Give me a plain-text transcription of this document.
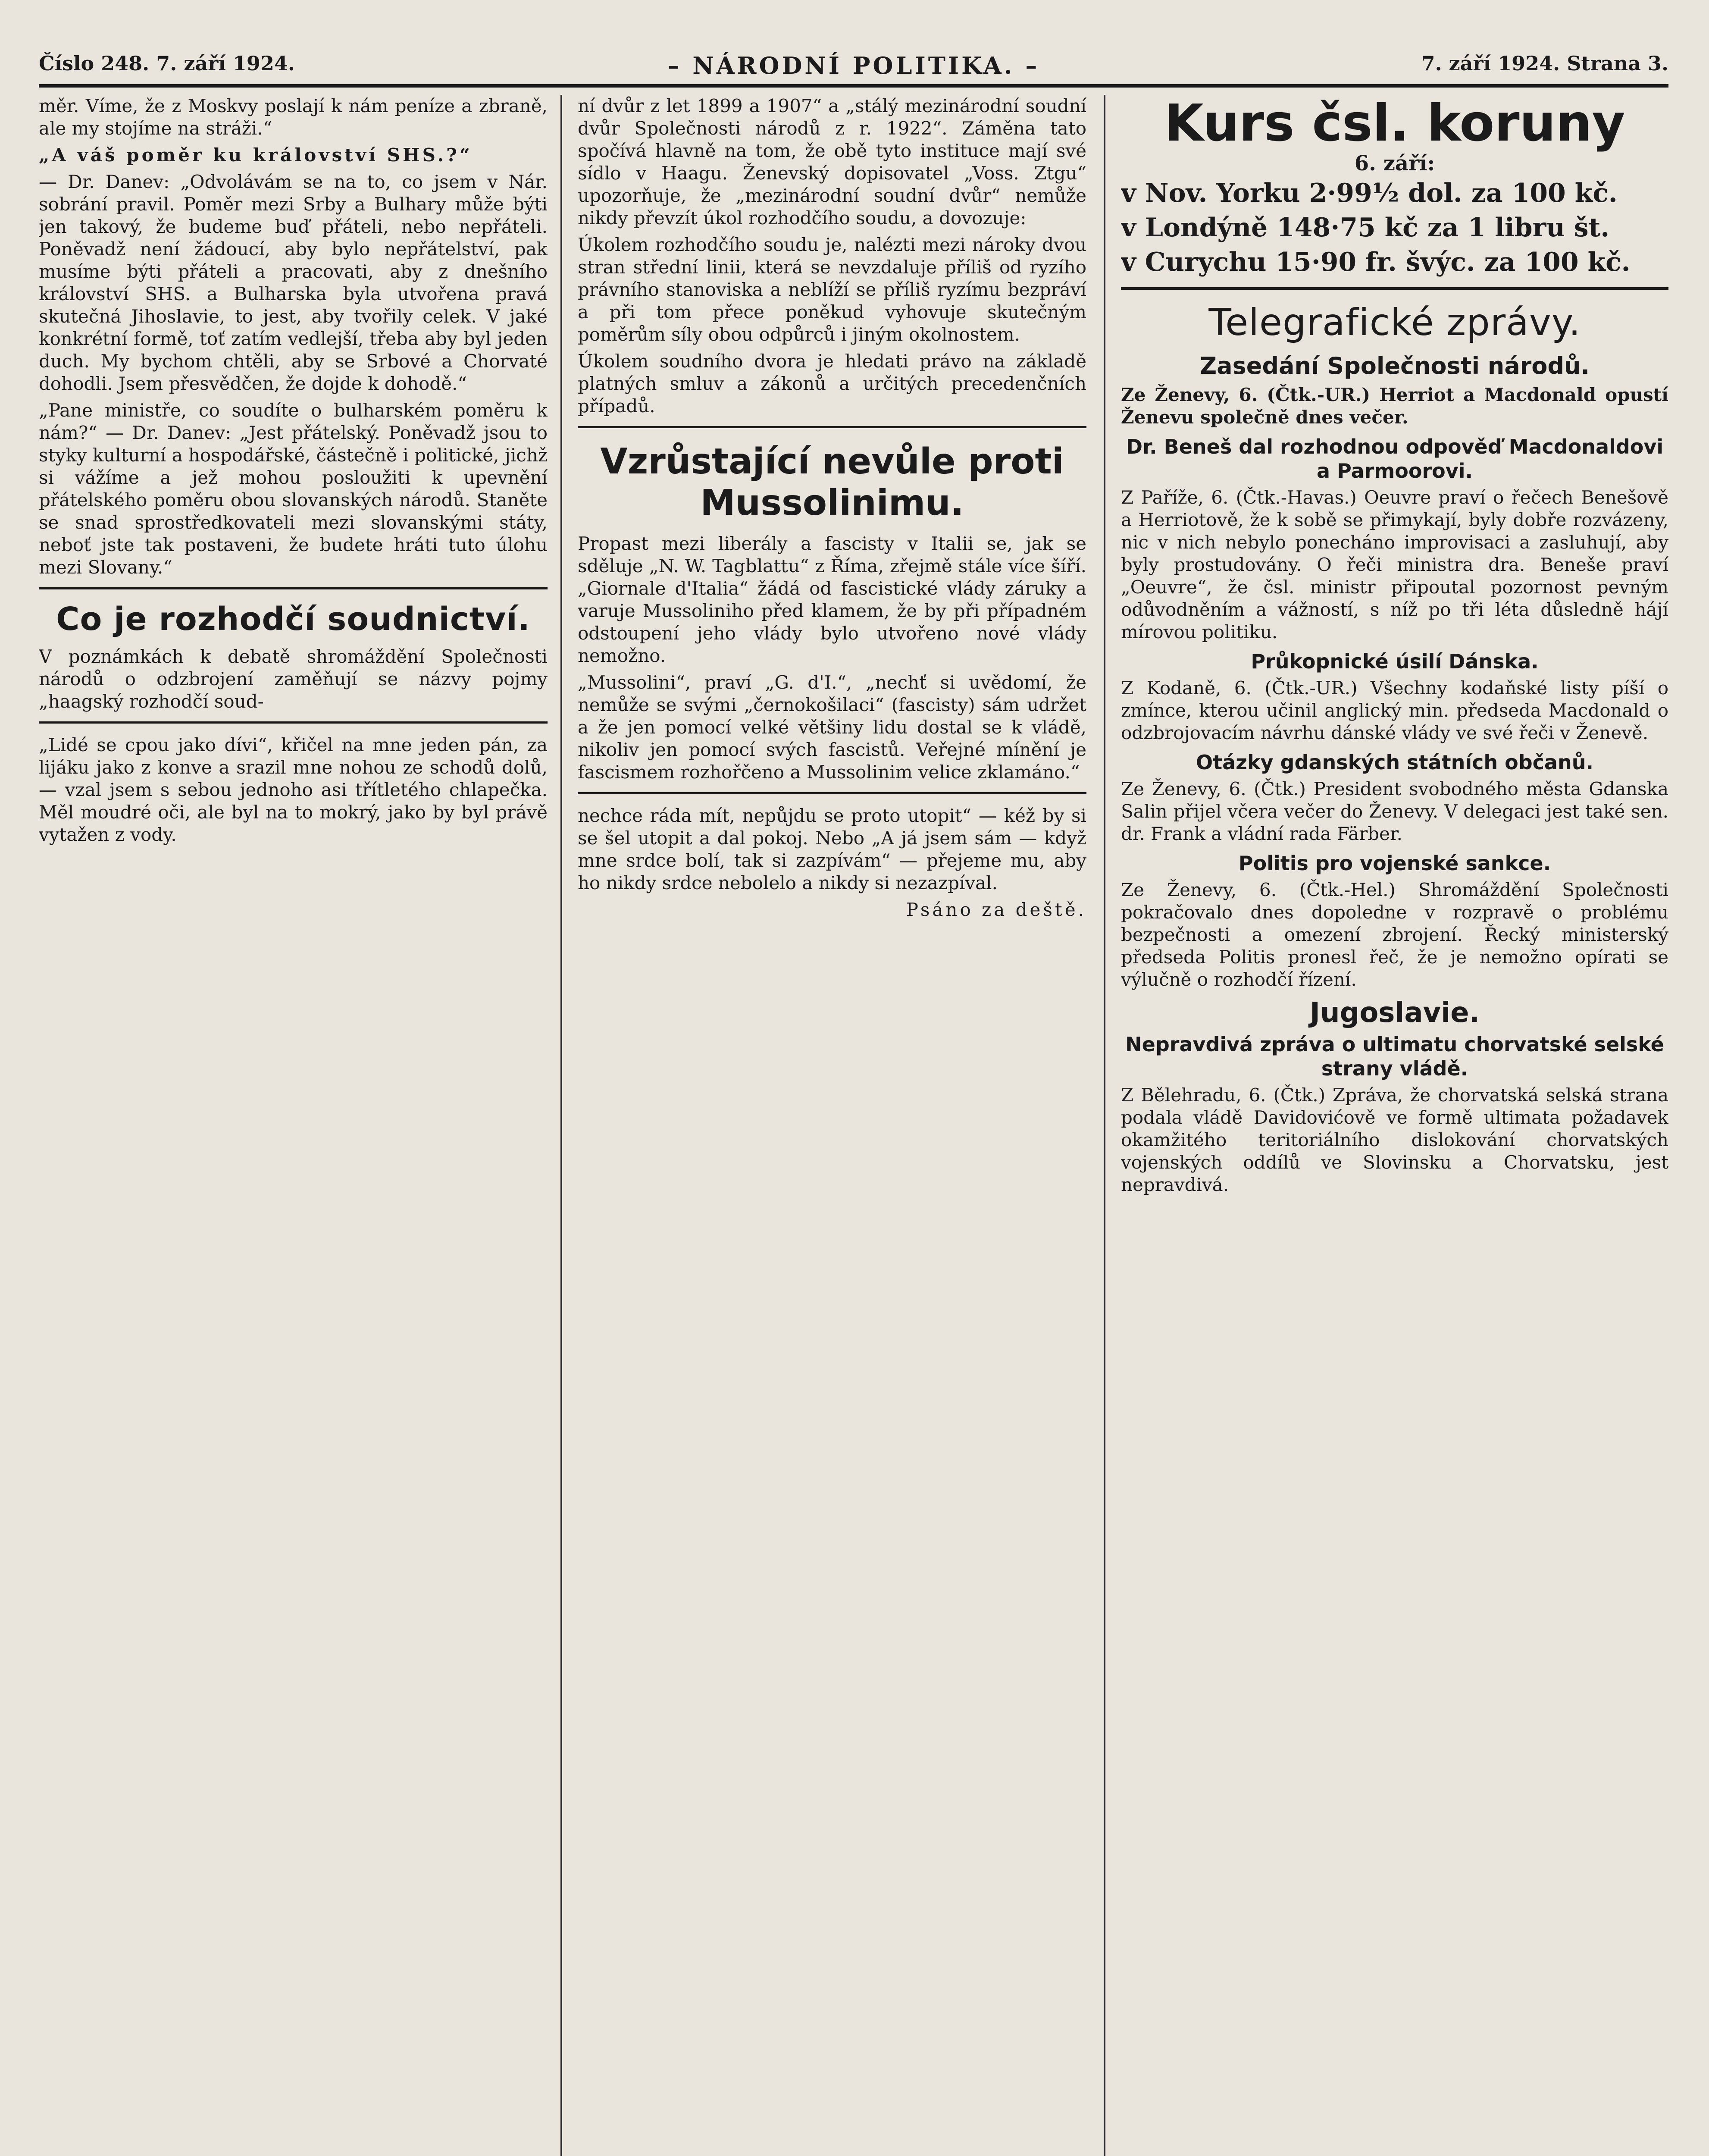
Číslo 248. 7. září 1924.	– NÁRODNÍ POLITIKA. –	7. září 1924. Strana 3.

měr. Víme, že z Moskvy poslají k nám peníze a zbraně, ale my stojíme na stráži.“

„A váš poměr ku království SHS.?“

— Dr. Danev: „Odvolávám se na to, co jsem v Nár. sobrání pravil. Poměr mezi Srby a Bulhary může býti jen takový, že budeme buď přáteli, nebo nepřáteli. Poněvadž není žádoucí, aby bylo nepřátelství, pak musíme býti přáteli a pracovati, aby z dnešního království SHS. a Bulharska byla utvořena pravá skutečná Jihoslavie, to jest, aby tvořily celek. V jaké konkrétní formě, toť zatím vedlejší, třeba aby byl jeden duch. My bychom chtěli, aby se Srbové a Chorvaté dohodli. Jsem přesvědčen, že dojde k dohodě.“

„Pane ministře, co soudíte o bulharském poměru k nám?“ — Dr. Danev: „Jest přátelský. Poněvadž jsou to styky kulturní a hospodářské, částečně i politické, jichž si vážíme a jež mohou posloužiti k upevnění přátelského poměru obou slovanských národů. Staněte se snad sprostředkovateli mezi slovanskými státy, neboť jste tak postaveni, že budete hráti tuto úlohu mezi Slovany.“

Co je rozhodčí soudnictví.

V poznámkách k debatě shromáždění Společnosti národů o odzbrojení zaměňují se názvy pojmy „haagský rozhodčí soud-

„Lidé se cpou jako dívi“, křičel na mne jeden pán, za lijáku jako z konve a srazil mne nohou ze schodů dolů, — vzal jsem s sebou jednoho asi třítletého chlapečka. Měl moudré oči, ale byl na to mokrý, jako by byl právě vytažen z vody.

ní dvůr z let 1899 a 1907“ a „stálý mezinárodní soudní dvůr Společnosti národů z r. 1922“. Záměna tato spočívá hlavně na tom, že obě tyto instituce mají své sídlo v Haagu. Ženevský dopisovatel „Voss. Ztgu“ upozorňuje, že „mezinárodní soudní dvůr“ nemůže nikdy převzít úkol rozhodčího soudu, a dovozuje:

Úkolem rozhodčího soudu je, nalézti mezi nároky dvou stran střední linii, která se nevzdaluje příliš od ryzího právního stanoviska a neblíží se příliš ryzímu bezpráví a při tom přece poněkud vyhovuje skutečným poměrům síly obou odpůrců i jiným okolnostem.

Úkolem soudního dvora je hledati právo na základě platných smluv a zákonů a určitých precedenčních případů.

Vzrůstající nevůle proti Mussolinimu.

Propast mezi liberály a fascisty v Italii se, jak se sděluje „N. W. Tagblattu“ z Říma, zřejmě stále více šíří. „Giornale d'Italia“ žádá od fascistické vlády záruky a varuje Mussoliniho před klamem, že by při případném odstoupení jeho vlády bylo utvořeno nové vlády nemožno.

„Mussolini“, praví „G. d'I.“, „nechť si uvědomí, že nemůže se svými „černokošilaci“ (fascisty) sám udržet a že jen pomocí velké většiny lidu dostal se k vládě, nikoliv jen pomocí svých fascistů. Veřejné mínění je fascismem rozhořčeno a Mussolinim velice zklamáno.“

nechce ráda mít, nepůjdu se proto utopit“ — kéž by si se šel utopit a dal pokoj. Nebo „A já jsem sám — když mne srdce bolí, tak si zazpívám“ — přejeme mu, aby ho nikdy srdce nebolelo a nikdy si nezazpíval.

Psáno za deště.

Kurs čsl. koruny
6. září:
v Nov. Yorku 2·99½ dol. za 100 kč.
v Londýně 148·75 kč za 1 libru št.
v Curychu 15·90 fr. švýc. za 100 kč.
Telegrafické zprávy.
Zasedání Společnosti národů.

Ze Ženevy, 6. (Čtk.-UR.) Herriot a Macdonald opustí Ženevu společně dnes večer.

Dr. Beneš dal rozhodnou odpověď Macdonaldovi a Parmoorovi.

Z Paříže, 6. (Čtk.-Havas.) Oeuvre praví o řečech Benešově a Herriotově, že k sobě se přimykají, byly dobře rozvázeny, nic v nich nebylo ponecháno improvisaci a zasluhují, aby byly prostudovány. O řeči ministra dra. Beneše praví „Oeuvre“, že čsl. ministr připoutal pozornost pevným odůvodněním a vážností, s níž po tři léta důsledně hájí mírovou politiku.

Průkopnické úsilí Dánska.

Z Kodaně, 6. (Čtk.-UR.) Všechny kodaňské listy píší o zmínce, kterou učinil anglický min. předseda Macdonald o odzbrojovacím návrhu dánské vlády ve své řeči v Ženevě.

Otázky gdanských státních občanů.

Ze Ženevy, 6. (Čtk.) President svobodného města Gdanska Salin přijel včera večer do Ženevy. V delegaci jest také sen. dr. Frank a vládní rada Färber.

Politis pro vojenské sankce.

Ze Ženevy, 6. (Čtk.-Hel.) Shromáždění Společnosti pokračovalo dnes dopoledne v rozpravě o problému bezpečnosti a omezení zbrojení. Řecký ministerský předseda Politis pronesl řeč, že je nemožno opírati se výlučně o rozhodčí řízení.

Jugoslavie.
Nepravdivá zpráva o ultimatu chorvatské selské strany vládě.

Z Bělehradu, 6. (Čtk.) Zpráva, že chorvatská selská strana podala vládě Davidovićově ve formě ultimata požadavek okamžitého teritoriálního dislokování chorvatských vojenských oddílů ve Slovinsku a Chorvatsku, jest nepravdivá.
